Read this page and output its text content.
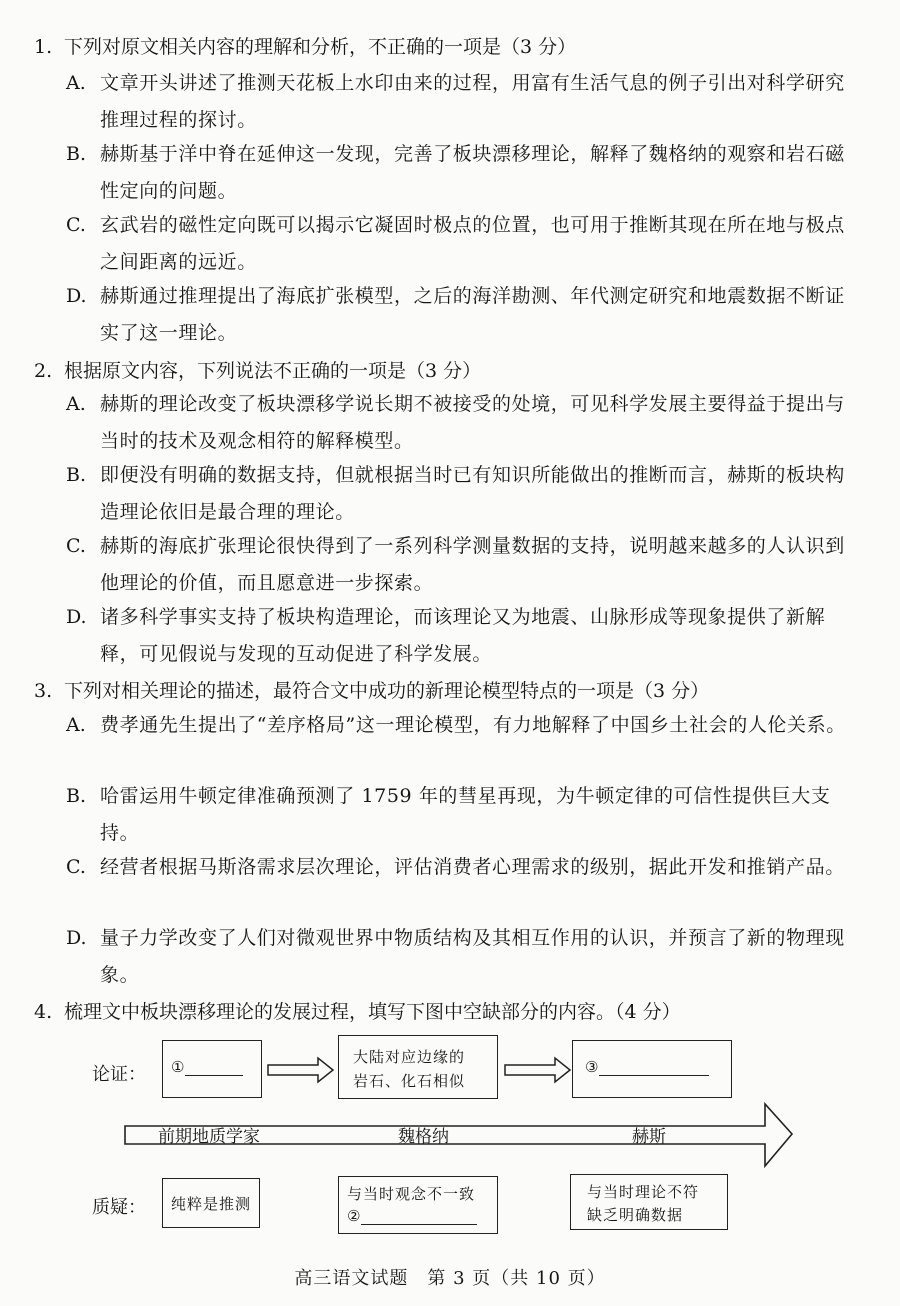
1. 下列对原文相关内容的理解和分析，不正确的一项是（3 分）
A. 文章开头讲述了推测天花板上水印由来的过程，用富有生活气息的例子引出对科学研究推理过程的探讨。
B. 赫斯基于洋中脊在延伸这一发现，完善了板块漂移理论，解释了魏格纳的观察和岩石磁性定向的问题。
C. 玄武岩的磁性定向既可以揭示它凝固时极点的位置，也可用于推断其现在所在地与极点之间距离的远近。
D. 赫斯通过推理提出了海底扩张模型，之后的海洋勘测、年代测定研究和地震数据不断证实了这一理论。
2. 根据原文内容，下列说法不正确的一项是（3 分）
A. 赫斯的理论改变了板块漂移学说长期不被接受的处境，可见科学发展主要得益于提出与当时的技术及观念相符的解释模型。
B. 即便没有明确的数据支持，但就根据当时已有知识所能做出的推断而言，赫斯的板块构造理论依旧是最合理的理论。
C. 赫斯的海底扩张理论很快得到了一系列科学测量数据的支持，说明越来越多的人认识到他理论的价值，而且愿意进一步探索。
D. 诸多科学事实支持了板块构造理论，而该理论又为地震、山脉形成等现象提供了新解释，可见假说与发现的互动促进了科学发展。
3. 下列对相关理论的描述，最符合文中成功的新理论模型特点的一项是（3 分）
A. 费孝通先生提出了“差序格局”这一理论模型，有力地解释了中国乡土社会的人伦关系。
B. 哈雷运用牛顿定律准确预测了 1759 年的彗星再现，为牛顿定律的可信性提供巨大支持。
C. 经营者根据马斯洛需求层次理论，评估消费者心理需求的级别，据此开发和推销产品。
D. 量子力学改变了人们对微观世界中物质结构及其相互作用的认识，并预言了新的物理现象。
4. 梳理文中板块漂移理论的发展过程，填写下图中空缺部分的内容。（4 分）
论证：
质疑：
①
大陆对应边缘的
岩石、化石相似
③
前期地质学家	魏格纳	赫斯
纯粹是推测
与当时观念不一致
②
与当时理论不符
缺乏明确数据
高三语文试题　第 3 页（共 10 页）
